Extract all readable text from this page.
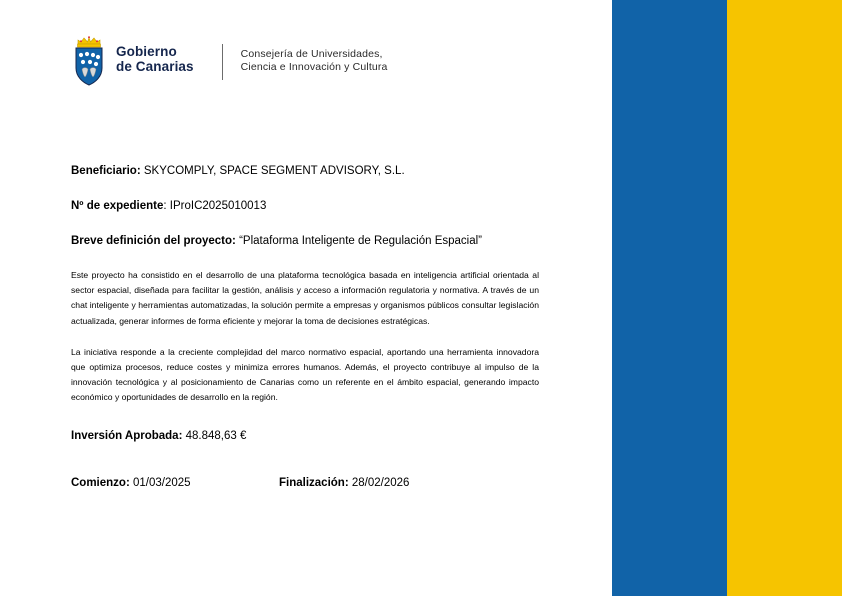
Gobierno
de Canarias
Consejería de Universidades,
Ciencia e Innovación y Cultura
Beneficiario: SKYCOMPLY, SPACE SEGMENT ADVISORY, S.L.
Nº de expediente: IProIC2025010013
Breve definición del proyecto: “Plataforma Inteligente de Regulación Espacial”

Este proyecto ha consistido en el desarrollo de una plataforma tecnológica basada en inteligencia artificial orientada al sector espacial, diseñada para facilitar la gestión, análisis y acceso a información regulatoria y normativa. A través de un chat inteligente y herramientas automatizadas, la solución permite a empresas y organismos públicos consultar legislación actualizada, generar informes de forma eficiente y mejorar la toma de decisiones estratégicas.

La iniciativa responde a la creciente complejidad del marco normativo espacial, aportando una herramienta innovadora que optimiza procesos, reduce costes y minimiza errores humanos. Además, el proyecto contribuye al impulso de la innovación tecnológica y al posicionamiento de Canarias como un referente en el ámbito espacial, generando impacto económico y oportunidades de desarrollo en la región.

Inversión Aprobada: 48.848,63 €
Comienzo: 01/03/2025	Finalización: 28/02/2026
